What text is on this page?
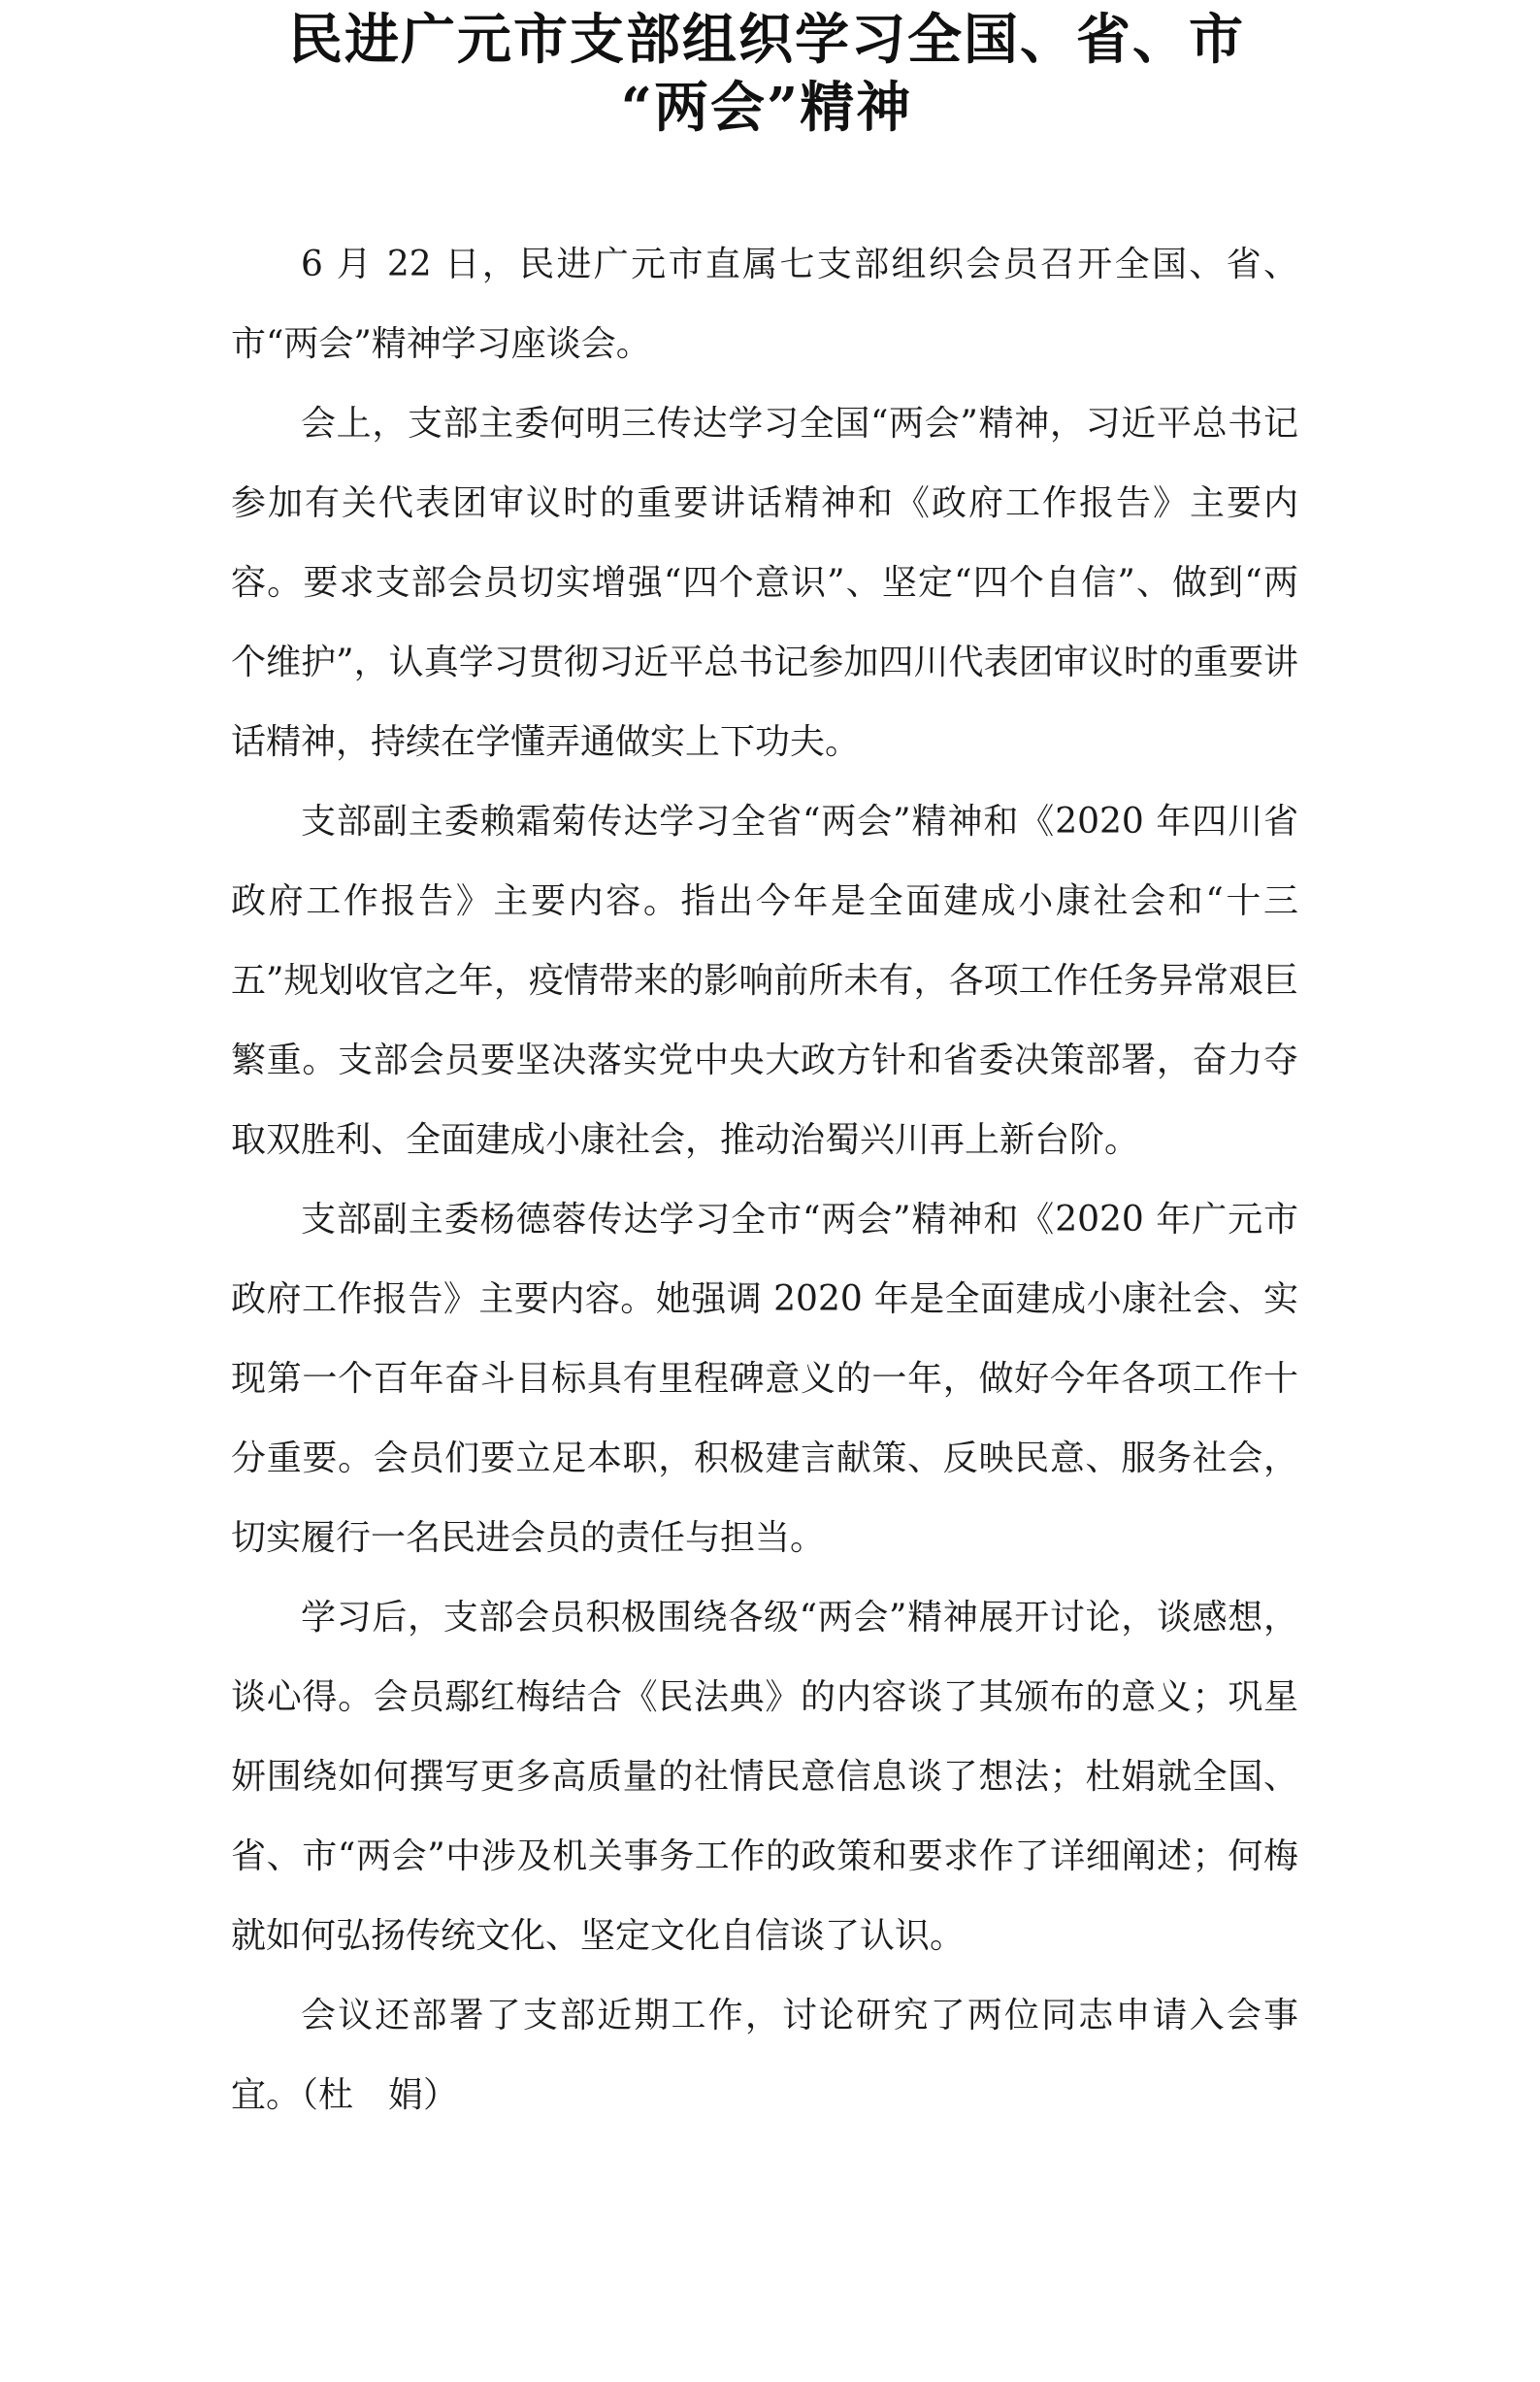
民进广元市支部组织学习全国、省、市
“两会”精神

6 月 22 日，民进广元市直属七支部组织会员召开全国、省、市“两会”精神学习座谈会。

会上，支部主委何明三传达学习全国“两会”精神，习近平总书记参加有关代表团审议时的重要讲话精神和《政府工作报告》主要内容。要求支部会员切实增强“四个意识”、坚定“四个自信”、做到“两个维护”，认真学习贯彻习近平总书记参加四川代表团审议时的重要讲话精神，持续在学懂弄通做实上下功夫。

支部副主委赖霜菊传达学习全省“两会”精神和《2020 年四川省政府工作报告》主要内容。指出今年是全面建成小康社会和“十三五”规划收官之年，疫情带来的影响前所未有，各项工作任务异常艰巨繁重。支部会员要坚决落实党中央大政方针和省委决策部署，奋力夺取双胜利、全面建成小康社会，推动治蜀兴川再上新台阶。

支部副主委杨德蓉传达学习全市“两会”精神和《2020 年广元市政府工作报告》主要内容。她强调 2020 年是全面建成小康社会、实现第一个百年奋斗目标具有里程碑意义的一年，做好今年各项工作十分重要。会员们要立足本职，积极建言献策、反映民意、服务社会，切实履行一名民进会员的责任与担当。

学习后，支部会员积极围绕各级“两会”精神展开讨论，谈感想，谈心得。会员鄢红梅结合《民法典》的内容谈了其颁布的意义；巩星妍围绕如何撰写更多高质量的社情民意信息谈了想法；杜娟就全国、省、市“两会”中涉及机关事务工作的政策和要求作了详细阐述；何梅就如何弘扬传统文化、坚定文化自信谈了认识。

会议还部署了支部近期工作，讨论研究了两位同志申请入会事宜。（杜　娟）
